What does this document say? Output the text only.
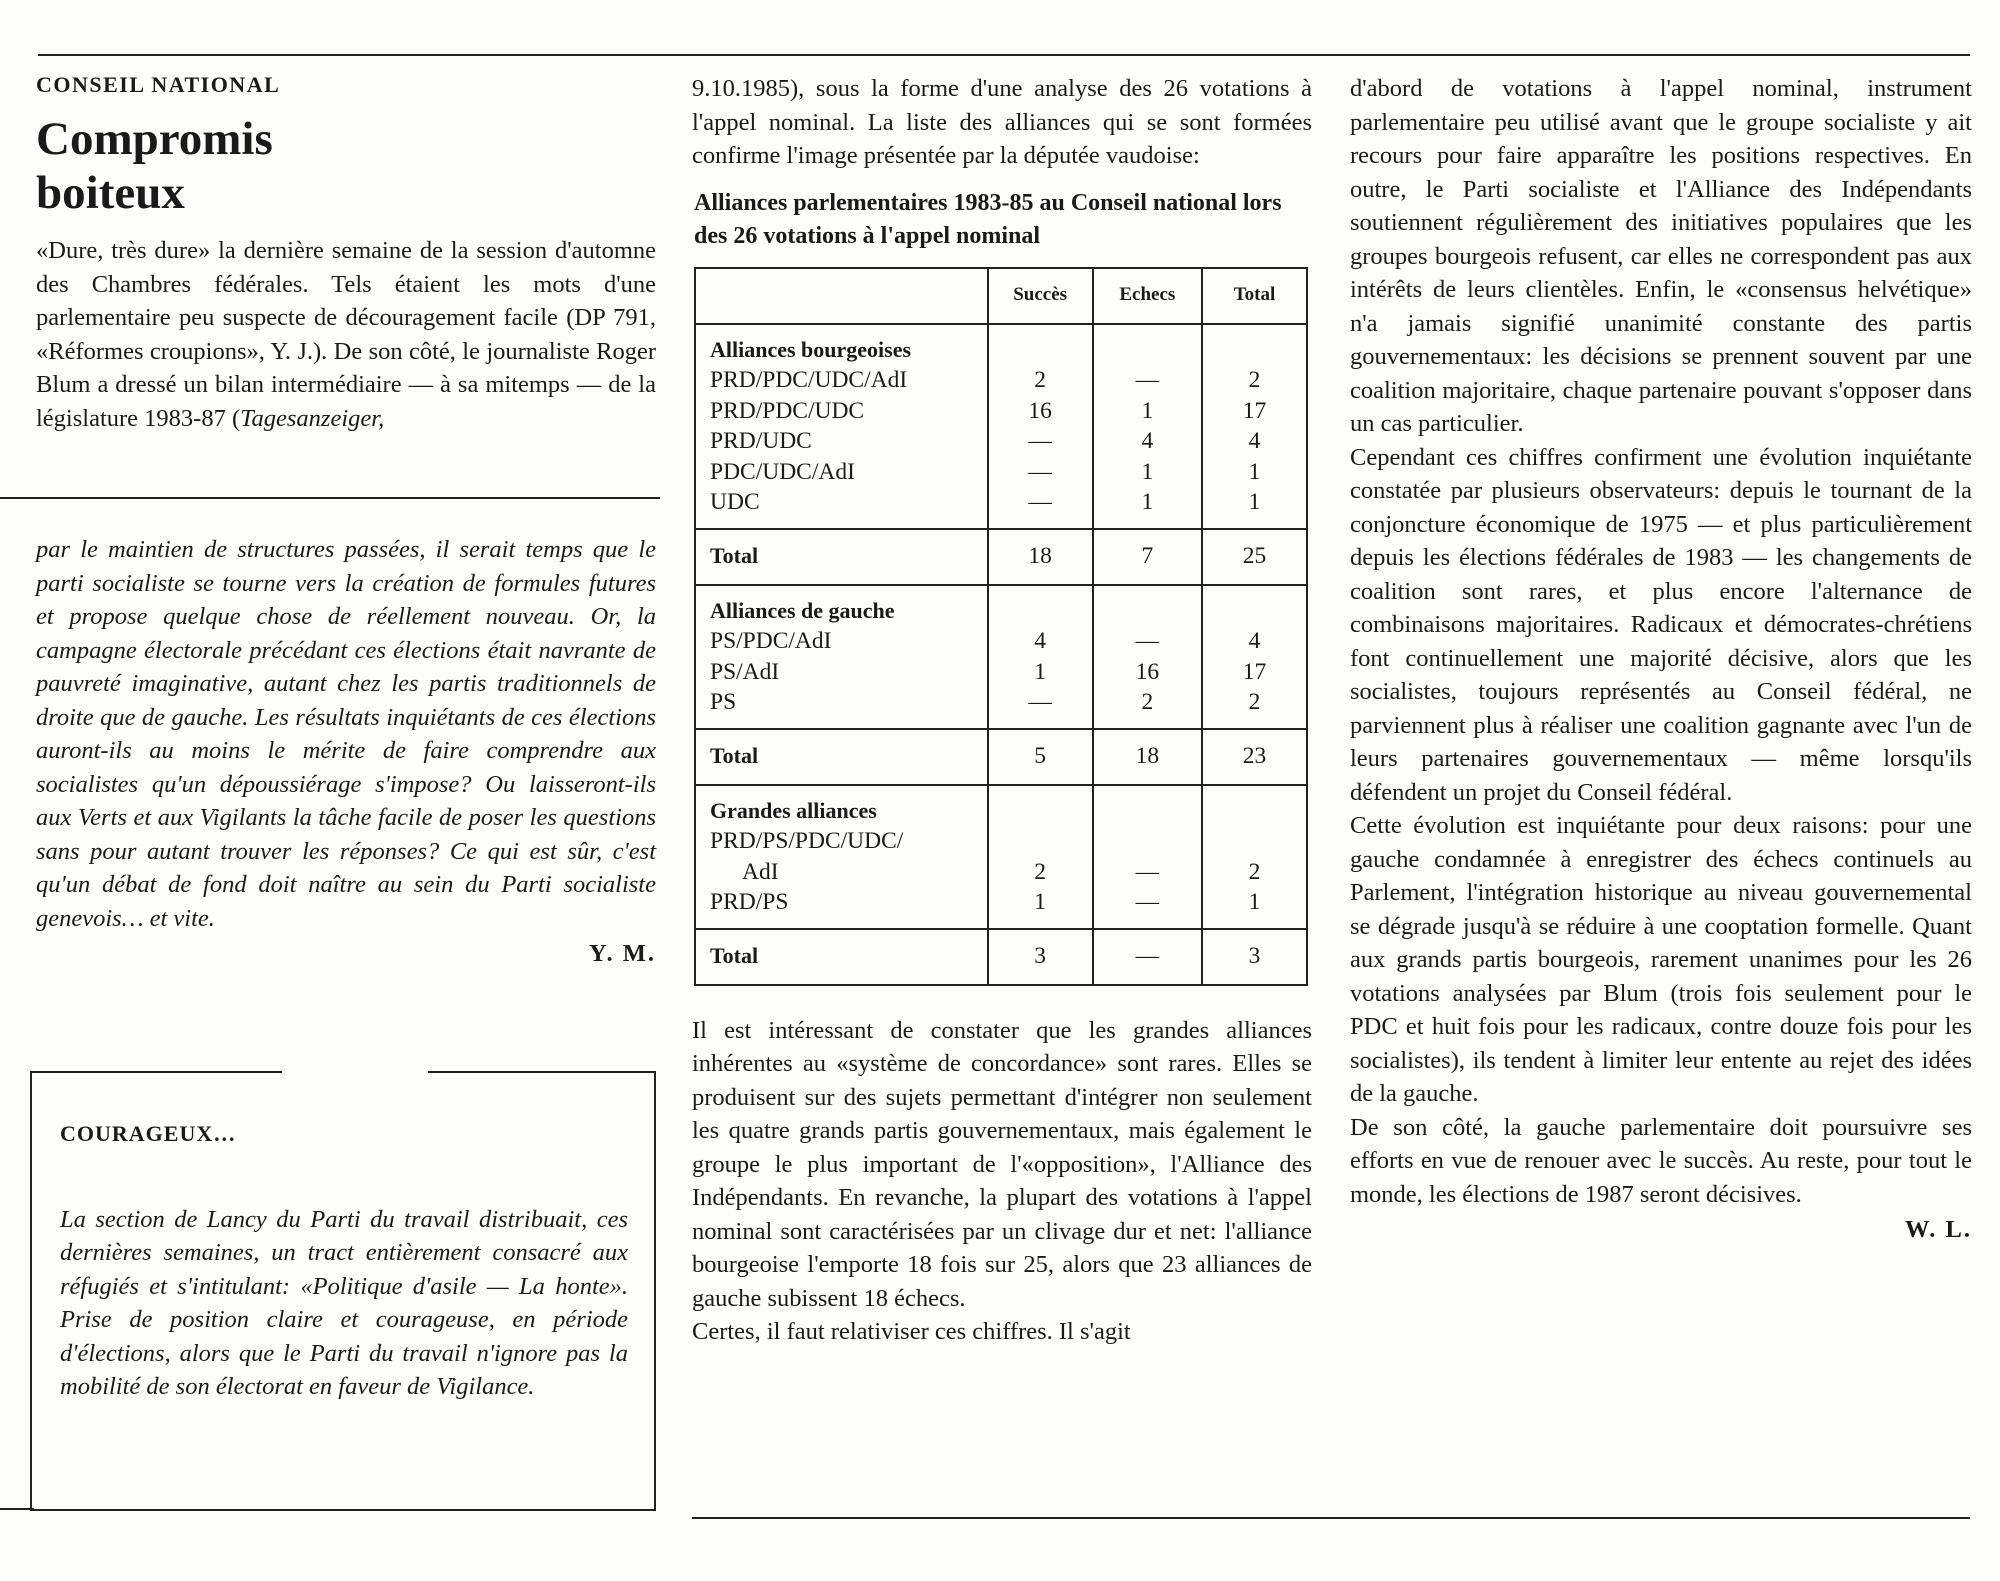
CONSEIL NATIONAL
Compromis
boiteux

«Dure, très dure» la dernière semaine de la session d'automne des Chambres fédérales. Tels étaient les mots d'une parlementaire peu suspecte de découragement facile (DP 791, «Réformes croupions», Y. J.). De son côté, le journaliste Roger Blum a dressé un bilan intermédiaire — à sa mitemps — de la législature 1983-87 (Tagesanzeiger,

par le maintien de structures passées, il serait temps que le parti socialiste se tourne vers la création de formules futures et propose quelque chose de réellement nouveau. Or, la campagne électorale précédant ces élections était navrante de pauvreté imaginative, autant chez les partis traditionnels de droite que de gauche. Les résultats inquiétants de ces élections auront-ils au moins le mérite de faire comprendre aux socialistes qu'un dépoussiérage s'impose? Ou laisseront-ils aux Verts et aux Vigilants la tâche facile de poser les questions sans pour autant trouver les réponses? Ce qui est sûr, c'est qu'un débat de fond doit naître au sein du Parti socialiste genevois… et vite.

Y. M.
COURAGEUX…

La section de Lancy du Parti du travail distribuait, ces dernières semaines, un tract entièrement consacré aux réfugiés et s'intitulant: «Politique d'asile — La honte». Prise de position claire et courageuse, en période d'élections, alors que le Parti du travail n'ignore pas la mobilité de son électorat en faveur de Vigilance.

9.10.1985), sous la forme d'une analyse des 26 votations à l'appel nominal. La liste des alliances qui se sont formées confirme l'image présentée par la députée vaudoise:

Alliances parlementaires 1983-85 au Conseil national lors des 26 votations à l'appel nominal
	Succès	Echecs	Total
Alliances bourgeoises			
PRD/PDC/UDC/AdI	2	—	2
PRD/PDC/UDC	16	1	17
PRD/UDC	—	4	4
PDC/UDC/AdI	—	1	1
UDC	—	1	1
Total	18	7	25
Alliances de gauche			
PS/PDC/AdI	4	—	4
PS/AdI	1	16	17
PS	—	2	2
Total	5	18	23
Grandes alliances			
PRD/PS/PDC/UDC/			
AdI	2	—	2
PRD/PS	1	—	1
Total	3	—	3

Il est intéressant de constater que les grandes alliances inhérentes au «système de concordance» sont rares. Elles se produisent sur des sujets permettant d'intégrer non seulement les quatre grands partis gouvernementaux, mais également le groupe le plus important de l'«opposition», l'Alliance des Indépendants. En revanche, la plupart des votations à l'appel nominal sont caractérisées par un clivage dur et net: l'alliance bourgeoise l'emporte 18 fois sur 25, alors que 23 alliances de gauche subissent 18 échecs.

Certes, il faut relativiser ces chiffres. Il s'agit

d'abord de votations à l'appel nominal, instrument parlementaire peu utilisé avant que le groupe socialiste y ait recours pour faire apparaître les positions respectives. En outre, le Parti socialiste et l'Alliance des Indépendants soutiennent régulièrement des initiatives populaires que les groupes bourgeois refusent, car elles ne correspondent pas aux intérêts de leurs clientèles. Enfin, le «consensus helvétique» n'a jamais signifié unanimité constante des partis gouvernementaux: les décisions se prennent souvent par une coalition majoritaire, chaque partenaire pouvant s'opposer dans un cas particulier.

Cependant ces chiffres confirment une évolution inquiétante constatée par plusieurs observateurs: depuis le tournant de la conjoncture économique de 1975 — et plus particulièrement depuis les élections fédérales de 1983 — les changements de coalition sont rares, et plus encore l'alternance de combinaisons majoritaires. Radicaux et démocrates-chrétiens font continuellement une majorité décisive, alors que les socialistes, toujours représentés au Conseil fédéral, ne parviennent plus à réaliser une coalition gagnante avec l'un de leurs partenaires gouvernementaux — même lorsqu'ils défendent un projet du Conseil fédéral.

Cette évolution est inquiétante pour deux raisons: pour une gauche condamnée à enregistrer des échecs continuels au Parlement, l'intégration historique au niveau gouvernemental se dégrade jusqu'à se réduire à une cooptation formelle. Quant aux grands partis bourgeois, rarement unanimes pour les 26 votations analysées par Blum (trois fois seulement pour le PDC et huit fois pour les radicaux, contre douze fois pour les socialistes), ils tendent à limiter leur entente au rejet des idées de la gauche.

De son côté, la gauche parlementaire doit poursuivre ses efforts en vue de renouer avec le succès. Au reste, pour tout le monde, les élections de 1987 seront décisives.

W. L.
